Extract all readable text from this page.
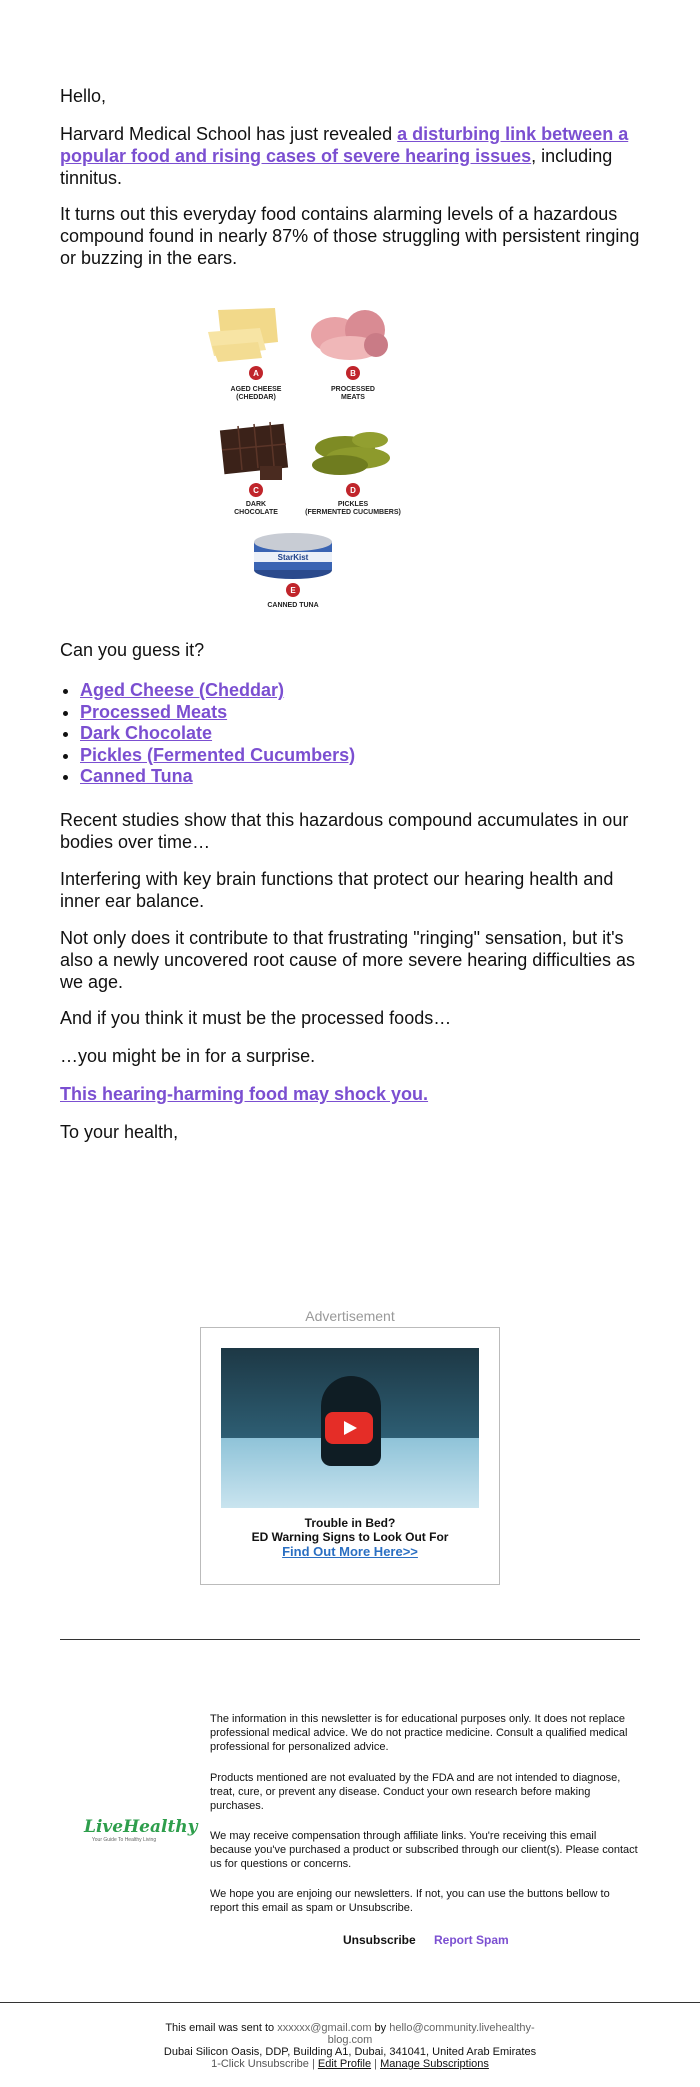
Hello,

Harvard Medical School has just revealed a disturbing link between a popular food and rising cases of severe hearing issues, including tinnitus.

It turns out this everyday food contains alarming levels of a hazardous compound found in nearly 87% of those struggling with persistent ringing or buzzing in the ears.

Can you guess it?

• Aged Cheese (Cheddar)
• Processed Meats
• Dark Chocolate
• Pickles (Fermented Cucumbers)
• Canned Tuna

Recent studies show that this hazardous compound accumulates in our bodies over time…

Interfering with key brain functions that protect our hearing health and inner ear balance.

Not only does it contribute to that frustrating "ringing" sensation, but it's also a newly uncovered root cause of more severe hearing difficulties as we age.

And if you think it must be the processed foods…

…you might be in for a surprise.

This hearing-harming food may shock you.

To your health,

A
AGED CHEESE
(CHEDDAR)
B
PROCESSED
MEATS
C
DARK
CHOCOLATE
D
PICKLES
(FERMENTED CUCUMBERS)
StarKist
E
CANNED TUNA
Advertisement
Trouble in Bed?
ED Warning Signs to Look Out For
Find Out More Here>>
LiveHealthy
Your Guide To Healthy Living
The information in this newsletter is for educational purposes only. It does not replace professional medical advice. We do not practice medicine. Consult a qualified medical professional for personalized advice.
Products mentioned are not evaluated by the FDA and are not intended to diagnose, treat, cure, or prevent any disease. Conduct your own research before making purchases.
We may receive compensation through affiliate links. You're receiving this email because you've purchased a product or subscribed through our client(s). Please contact us for questions or concerns.
We hope you are enjoing our newsletters. If not, you can use the buttons bellow to report this email as spam or Unsubscribe.
Unsubscribe Report Spam
This email was sent to xxxxxx@gmail.com by hello@community.livehealthy-blog.com
Dubai Silicon Oasis, DDP, Building A1, Dubai, 341041, United Arab Emirates
1-Click Unsubscribe | Edit Profile | Manage Subscriptions
